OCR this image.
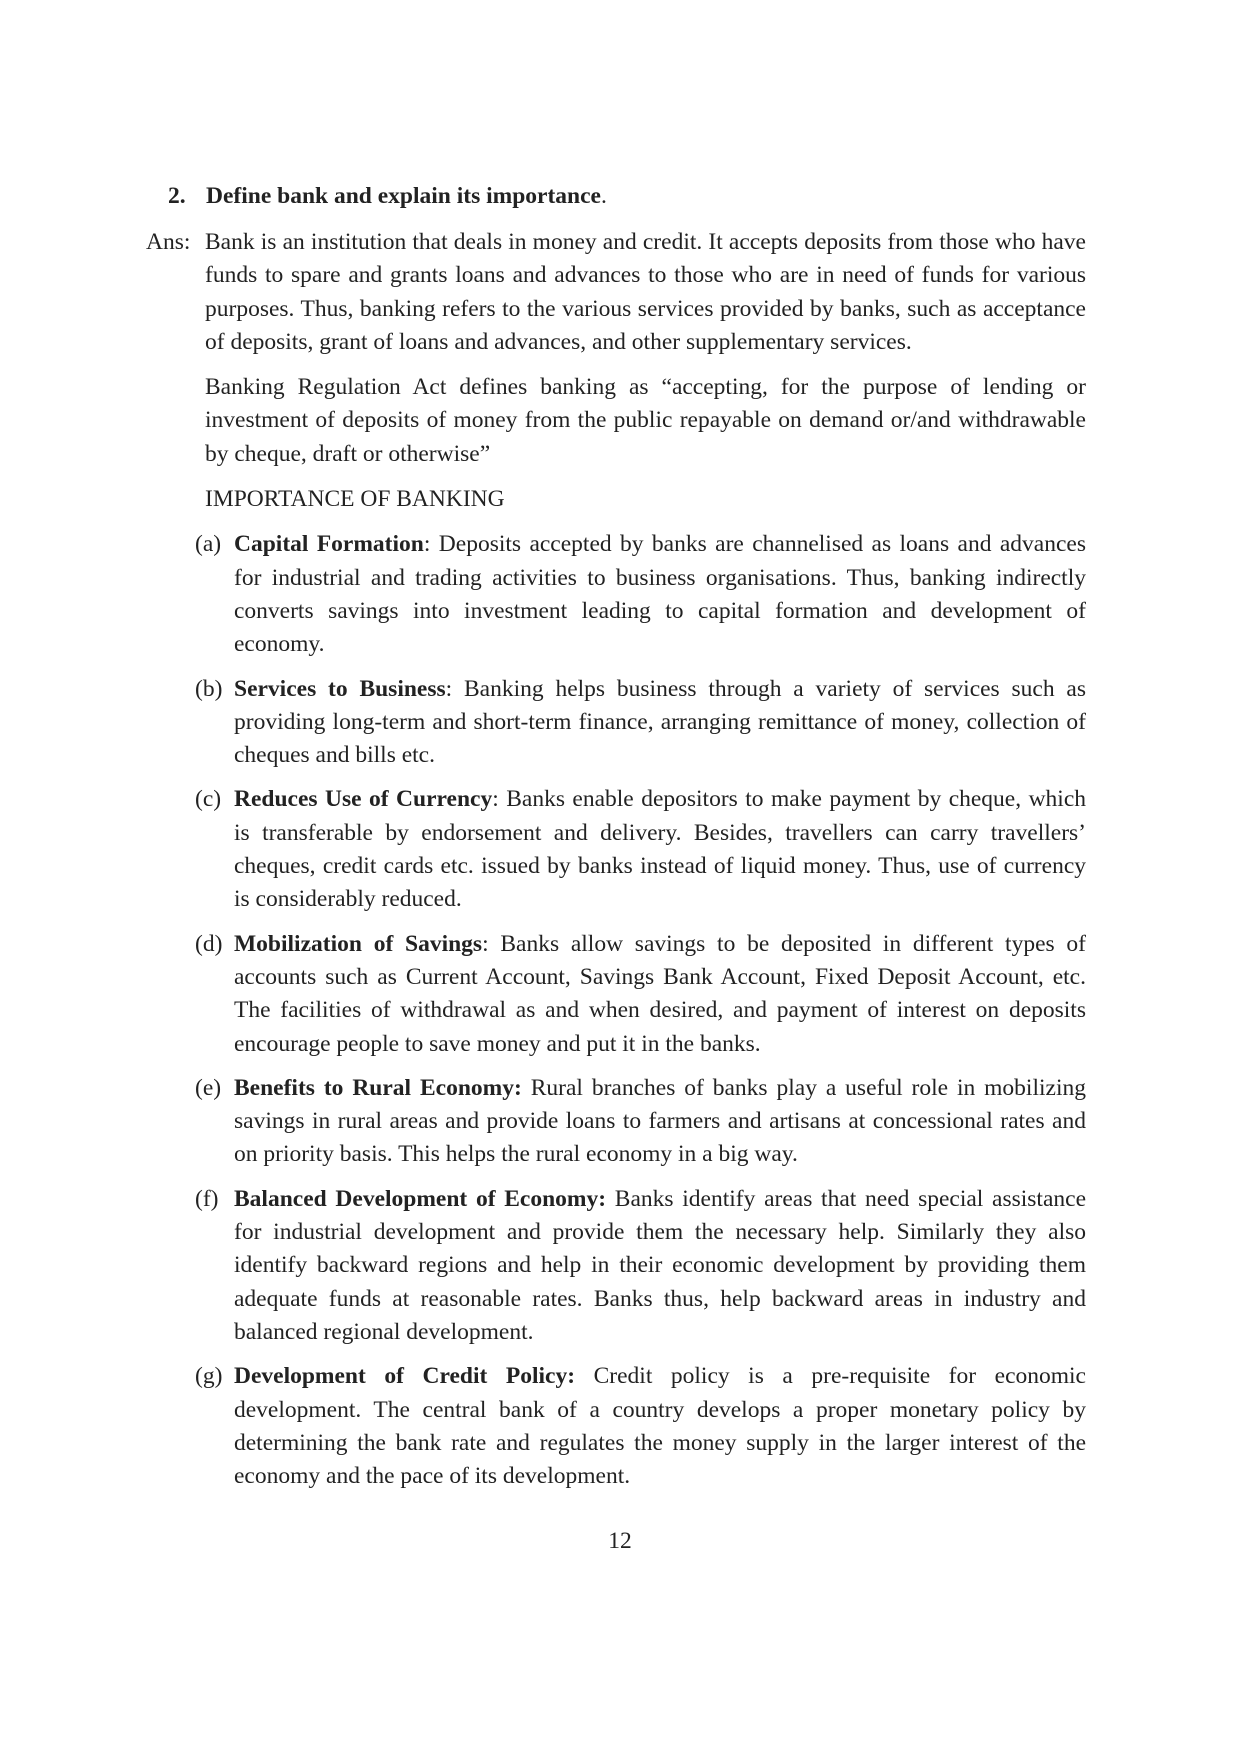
2. Define bank and explain its importance.
Ans: Bank is an institution that deals in money and credit. It accepts deposits from those who have funds to spare and grants loans and advances to those who are in need of funds for various purposes. Thus, banking refers to the various services provided by banks, such as acceptance of deposits, grant of loans and advances, and other supplementary services.
Banking Regulation Act defines banking as “accepting, for the purpose of lending or investment of deposits of money from the public repayable on demand or/and withdrawable by cheque, draft or otherwise”
IMPORTANCE OF BANKING
(a) Capital Formation: Deposits accepted by banks are channelised as loans and advances for industrial and trading activities to business organisations. Thus, banking indirectly converts savings into investment leading to capital formation and development of economy.
(b) Services to Business: Banking helps business through a variety of services such as providing long-term and short-term finance, arranging remittance of money, collection of cheques and bills etc.
(c) Reduces Use of Currency: Banks enable depositors to make payment by cheque, which is transferable by endorsement and delivery. Besides, travellers can carry travellers’ cheques, credit cards etc. issued by banks instead of liquid money. Thus, use of currency is considerably reduced.
(d) Mobilization of Savings: Banks allow savings to be deposited in different types of accounts such as Current Account, Savings Bank Account, Fixed Deposit Account, etc. The facilities of withdrawal as and when desired, and payment of interest on deposits encourage people to save money and put it in the banks.
(e) Benefits to Rural Economy: Rural branches of banks play a useful role in mobilizing savings in rural areas and provide loans to farmers and artisans at concessional rates and on priority basis. This helps the rural economy in a big way.
(f) Balanced Development of Economy: Banks identify areas that need special assistance for industrial development and provide them the necessary help. Similarly they also identify backward regions and help in their economic development by providing them adequate funds at reasonable rates. Banks thus, help backward areas in industry and balanced regional development.
(g) Development of Credit Policy: Credit policy is a pre-requisite for economic development. The central bank of a country develops a proper monetary policy by determining the bank rate and regulates the money supply in the larger interest of the economy and the pace of its development.
12
